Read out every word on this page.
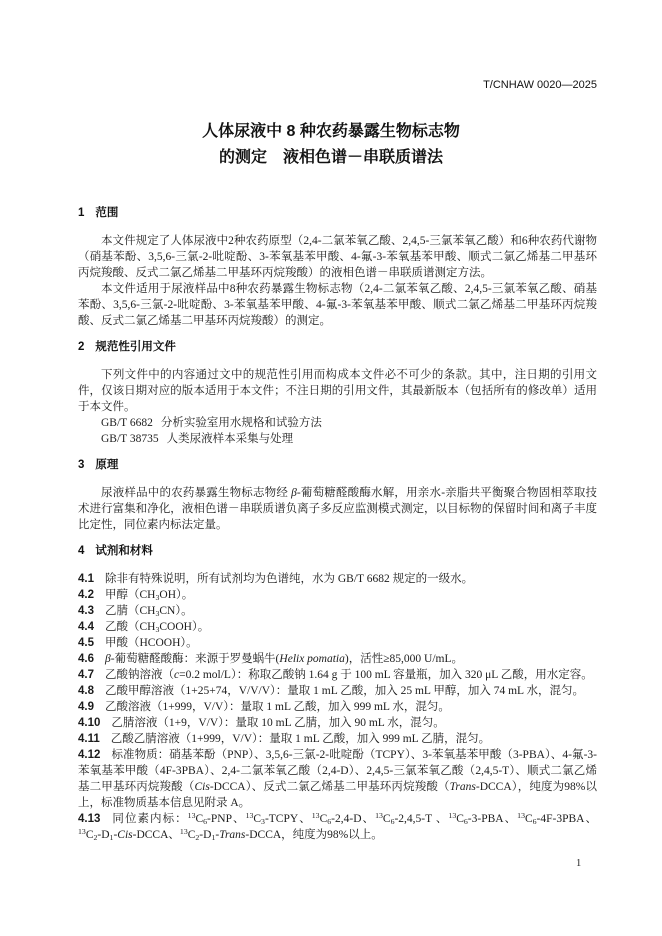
T/CNHAW 0020—2025
人体尿液中 8 种农药暴露生物标志物
的测定　液相色谱－串联质谱法
1 范围

本文件规定了人体尿液中2种农药原型（2,4-二氯苯氧乙酸、2,4,5-三氯苯氧乙酸）和6种农药代谢物（硝基苯酚、3,5,6-三氯-2-吡啶酚、3-苯氧基苯甲酸、4-氟-3-苯氧基苯甲酸、顺式二氯乙烯基二甲基环丙烷羧酸、反式二氯乙烯基二甲基环丙烷羧酸）的液相色谱－串联质谱测定方法。

本文件适用于尿液样品中8种农药暴露生物标志物（2,4-二氯苯氧乙酸、2,4,5-三氯苯氧乙酸、硝基苯酚、3,5,6-三氯-2-吡啶酚、3-苯氧基苯甲酸、4-氟-3-苯氧基苯甲酸、顺式二氯乙烯基二甲基环丙烷羧酸、反式二氯乙烯基二甲基环丙烷羧酸）的测定。

2 规范性引用文件

下列文件中的内容通过文中的规范性引用而构成本文件必不可少的条款。其中，注日期的引用文件，仅该日期对应的版本适用于本文件；不注日期的引用文件，其最新版本（包括所有的修改单）适用于本文件。

GB/T 6682 分析实验室用水规格和试验方法

GB/T 38735 人类尿液样本采集与处理

3 原理

尿液样品中的农药暴露生物标志物经 β-葡萄糖醛酸酶水解，用亲水-亲脂共平衡聚合物固相萃取技术进行富集和净化，液相色谱－串联质谱负离子多反应监测模式测定，以目标物的保留时间和离子丰度比定性，同位素内标法定量。

4 试剂和材料

4.1 除非有特殊说明，所有试剂均为色谱纯，水为 GB/T 6682 规定的一级水。

4.2 甲醇$(CH_3OH)$。

4.3 乙腈$(CH_3CN)$。

4.4 乙酸$(CH_3COOH)$。

4.5 甲酸（HCOOH）。

4.6 β-葡萄糖醛酸酶：来源于罗曼蜗牛(Helix pomatia)，活性≥85,000 U/mL。

4.7 乙酸钠溶液（c=0.2 mol/L）：称取乙酸钠 1.64 g 于 100 mL 容量瓶，加入 320 μL 乙酸，用水定容。

4.8 乙酸甲醇溶液（1+25+74，V/V/V）：量取 1 mL 乙酸，加入 25 mL 甲醇，加入 74 mL 水，混匀。

4.9 乙酸溶液（1+999，V/V）：量取 1 mL 乙酸，加入 999 mL 水，混匀。

4.10 乙腈溶液（1+9，V/V）：量取 10 mL 乙腈，加入 90 mL 水，混匀。

4.11 乙酸乙腈溶液（1+999，V/V）：量取 1 mL 乙酸，加入 999 mL 乙腈，混匀。

4.12 标准物质：硝基苯酚（PNP）、3,5,6-三氯-2-吡啶酚（TCPY）、3-苯氧基苯甲酸（3-PBA）、4-氟-3-苯氧基苯甲酸（4F-3PBA）、2,4-二氯苯氧乙酸（2,4-D）、2,4,5-三氯苯氧乙酸（2,4,5-T）、顺式二氯乙烯基二甲基环丙烷羧酸（Cis-DCCA）、反式二氯乙烯基二甲基环丙烷羧酸（Trans-DCCA），纯度为98%以上，标准物质基本信息见附录 A。

4.13 同位素内标：$^{13}C_6$-PNP、$^{13}C_3$-TCPY、$^{13}C_6-2,4-D$、$^{13}C_6-2,4,5-T$ 、$^{13}C_6-3$-PBA、$^{13}C_6-4F-3PBA$、$^{13}C_2-D_1-Cis$-DCCA、$^{13}C_2-D_1-Trans$-DCCA，纯度为98%以上。

1
